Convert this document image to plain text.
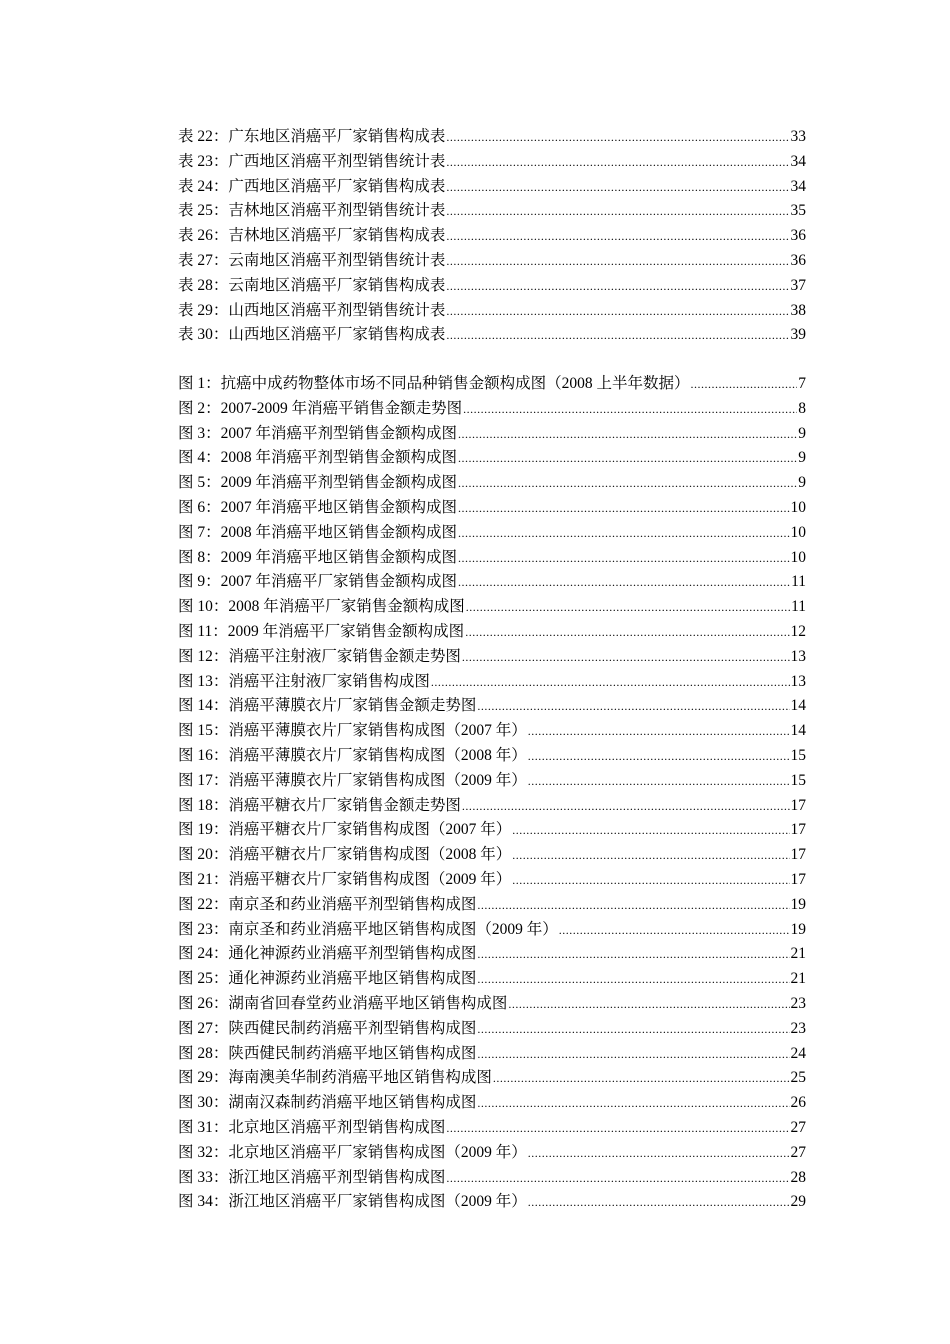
表 22：广东地区消癌平厂家销售构成表 .....	33
表 23：广西地区消癌平剂型销售统计表 .....	34
表 24：广西地区消癌平厂家销售构成表 .....	34
表 25：吉林地区消癌平剂型销售统计表 .....	35
表 26：吉林地区消癌平厂家销售构成表 .....	36
表 27：云南地区消癌平剂型销售统计表 .....	36
表 28：云南地区消癌平厂家销售构成表 .....	37
表 29：山西地区消癌平剂型销售统计表 .....	38
表 30：山西地区消癌平厂家销售构成表 .....	39
图 1：抗癌中成药物整体市场不同品种销售金额构成图（2008 上半年数据） .....	7
图 2：2007-2009 年消癌平销售金额走势图 .....	8
图 3：2007 年消癌平剂型销售金额构成图 .....	9
图 4：2008 年消癌平剂型销售金额构成图 .....	9
图 5：2009 年消癌平剂型销售金额构成图 .....	9
图 6：2007 年消癌平地区销售金额构成图 .....	10
图 7：2008 年消癌平地区销售金额构成图 .....	10
图 8：2009 年消癌平地区销售金额构成图 .....	10
图 9：2007 年消癌平厂家销售金额构成图 .....	11
图 10：2008 年消癌平厂家销售金额构成图 .....	11
图 11：2009 年消癌平厂家销售金额构成图 .....	12
图 12：消癌平注射液厂家销售金额走势图 .....	13
图 13：消癌平注射液厂家销售构成图 .....	13
图 14：消癌平薄膜衣片厂家销售金额走势图 .....	14
图 15：消癌平薄膜衣片厂家销售构成图（2007 年） .....	14
图 16：消癌平薄膜衣片厂家销售构成图（2008 年） .....	15
图 17：消癌平薄膜衣片厂家销售构成图（2009 年） .....	15
图 18：消癌平糖衣片厂家销售金额走势图 .....	17
图 19：消癌平糖衣片厂家销售构成图（2007 年） .....	17
图 20：消癌平糖衣片厂家销售构成图（2008 年） .....	17
图 21：消癌平糖衣片厂家销售构成图（2009 年） .....	17
图 22：南京圣和药业消癌平剂型销售构成图 .....	19
图 23：南京圣和药业消癌平地区销售构成图（2009 年） .....	19
图 24：通化神源药业消癌平剂型销售构成图 .....	21
图 25：通化神源药业消癌平地区销售构成图 .....	21
图 26：湖南省回春堂药业消癌平地区销售构成图 .....	23
图 27：陕西健民制药消癌平剂型销售构成图 .....	23
图 28：陕西健民制药消癌平地区销售构成图 .....	24
图 29：海南澳美华制药消癌平地区销售构成图 .....	25
图 30：湖南汉森制药消癌平地区销售构成图 .....	26
图 31：北京地区消癌平剂型销售构成图 .....	27
图 32：北京地区消癌平厂家销售构成图（2009 年） .....	27
图 33：浙江地区消癌平剂型销售构成图 .....	28
图 34：浙江地区消癌平厂家销售构成图（2009 年） .....	29
